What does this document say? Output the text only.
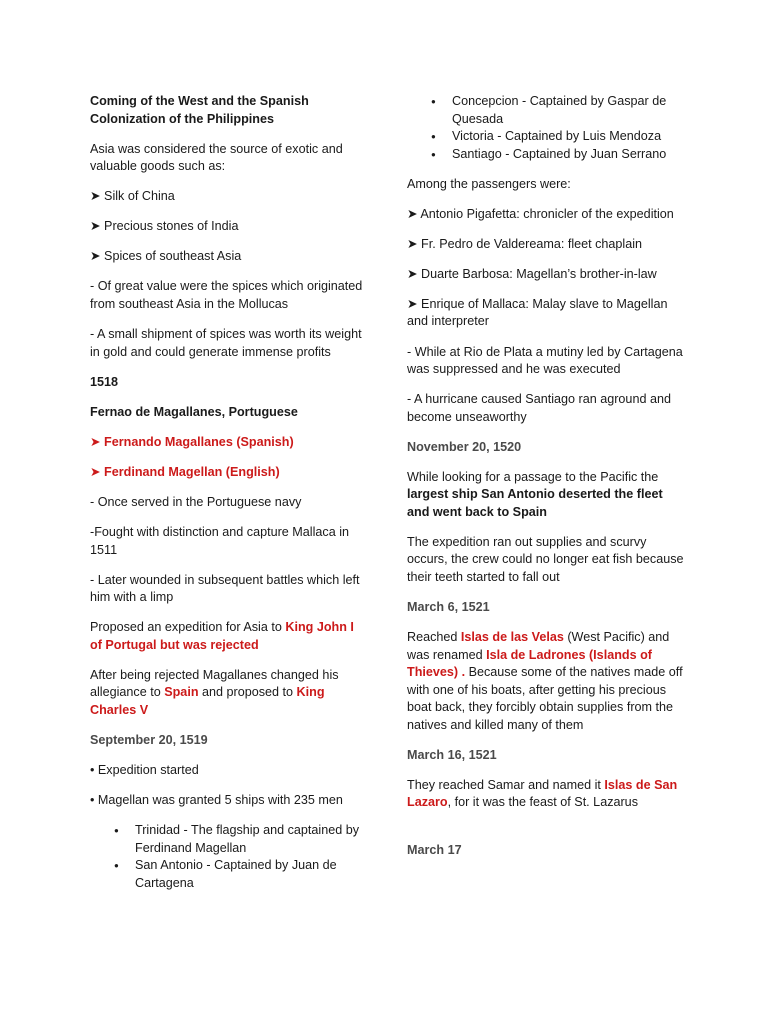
Coming of the West and the Spanish Colonization of the Philippines

Asia was considered the source of exotic and valuable goods such as:

➤ Silk of China

➤ Precious stones of India

➤ Spices of southeast Asia

- Of great value were the spices which originated from southeast Asia in the Mollucas

- A small shipment of spices was worth its weight in gold and could generate immense profits

1518

Fernao de Magallanes, Portuguese

➤ Fernando Magallanes (Spanish)

➤ Ferdinand Magellan (English)

- Once served in the Portuguese navy

-Fought with distinction and capture Mallaca in 1511

- Later wounded in subsequent battles which left him with a limp

Proposed an expedition for Asia to King John I of Portugal but was rejected

After being rejected Magallanes changed his allegiance to Spain and proposed to King Charles V

September 20, 1519

• Expedition started

• Magellan was granted 5 ships with 235 men

● Trinidad - The flagship and captained by Ferdinand Magellan
● San Antonio - Captained by Juan de Cartagena
● Concepcion - Captained by Gaspar de Quesada
● Victoria - Captained by Luis Mendoza
● Santiago - Captained by Juan Serrano

Among the passengers were:

➤ Antonio Pigafetta: chronicler of the expedition

➤ Fr. Pedro de Valdereama: fleet chaplain

➤ Duarte Barbosa: Magellan’s brother-in-law

➤ Enrique of Mallaca: Malay slave to Magellan and interpreter

- While at Rio de Plata a mutiny led by Cartagena was suppressed and he was executed

- A hurricane caused Santiago ran aground and become unseaworthy

November 20, 1520

While looking for a passage to the Pacific the largest ship San Antonio deserted the fleet and went back to Spain

The expedition ran out supplies and scurvy occurs, the crew could no longer eat fish because their teeth started to fall out

March 6, 1521

Reached Islas de las Velas (West Pacific) and was renamed Isla de Ladrones (Islands of Thieves) . Because some of the natives made off with one of his boats, after getting his precious boat back, they forcibly obtain supplies from the natives and killed many of them

March 16, 1521

They reached Samar and named it Islas de San Lazaro, for it was the feast of St. Lazarus

March 17
